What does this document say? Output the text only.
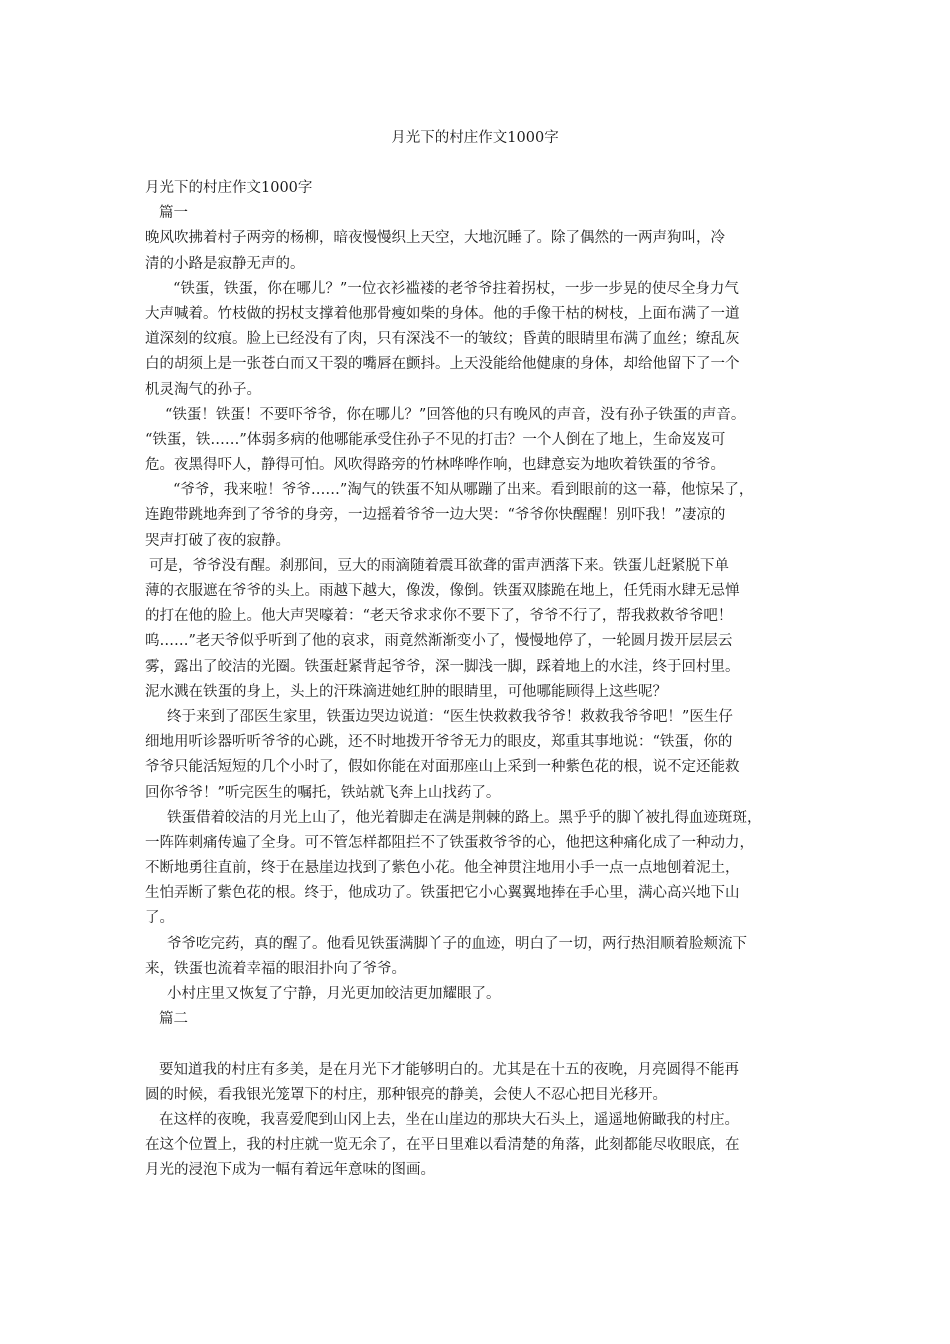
月光下的村庄作文1000字
月光下的村庄作文1000字
篇一
晚风吹拂着村子两旁的杨柳，暗夜慢慢织上天空，大地沉睡了。除了偶然的一两声狗叫，冷
清的小路是寂静无声的。
“铁蛋，铁蛋，你在哪儿？”一位衣衫褴褛的老爷爷拄着拐杖，一步一步晃的使尽全身力气
大声喊着。竹枝做的拐杖支撑着他那骨瘦如柴的身体。他的手像干枯的树枝，上面布满了一道
道深刻的纹痕。脸上已经没有了肉，只有深浅不一的皱纹；昏黄的眼睛里布满了血丝；缭乱灰
白的胡须上是一张苍白而又干裂的嘴唇在颤抖。上天没能给他健康的身体，却给他留下了一个
机灵淘气的孙子。
“铁蛋！铁蛋！不要吓爷爷，你在哪儿？”回答他的只有晚风的声音，没有孙子铁蛋的声音。
“铁蛋，铁……”体弱多病的他哪能承受住孙子不见的打击？一个人倒在了地上，生命岌岌可
危。夜黑得吓人，静得可怕。风吹得路旁的竹林哗哗作响，也肆意妄为地吹着铁蛋的爷爷。
“爷爷，我来啦！爷爷……”淘气的铁蛋不知从哪蹦了出来。看到眼前的这一幕，他惊呆了，
连跑带跳地奔到了爷爷的身旁，一边摇着爷爷一边大哭：“爷爷你快醒醒！别吓我！”凄凉的
哭声打破了夜的寂静。
可是，爷爷没有醒。刹那间，豆大的雨滴随着震耳欲聋的雷声洒落下来。铁蛋儿赶紧脱下单
薄的衣服遮在爷爷的头上。雨越下越大，像泼，像倒。铁蛋双膝跪在地上，任凭雨水肆无忌惮
的打在他的脸上。他大声哭嚎着：“老天爷求求你不要下了，爷爷不行了，帮我救救爷爷吧！
呜……”老天爷似乎听到了他的哀求，雨竟然渐渐变小了，慢慢地停了，一轮圆月拨开层层云
雾，露出了皎洁的光圈。铁蛋赶紧背起爷爷，深一脚浅一脚，踩着地上的水洼，终于回村里。
泥水溅在铁蛋的身上，头上的汗珠滴进她红肿的眼睛里，可他哪能顾得上这些呢？
终于来到了邵医生家里，铁蛋边哭边说道：“医生快救救我爷爷！救救我爷爷吧！”医生仔
细地用听诊器听听爷爷的心跳，还不时地拨开爷爷无力的眼皮，郑重其事地说：“铁蛋，你的
爷爷只能活短短的几个小时了，假如你能在对面那座山上采到一种紫色花的根，说不定还能救
回你爷爷！”听完医生的嘱托，铁站就飞奔上山找药了。
铁蛋借着皎洁的月光上山了，他光着脚走在满是荆棘的路上。黑乎乎的脚丫被扎得血迹斑斑，
一阵阵刺痛传遍了全身。可不管怎样都阻拦不了铁蛋救爷爷的心，他把这种痛化成了一种动力，
不断地勇往直前，终于在悬崖边找到了紫色小花。他全神贯注地用小手一点一点地刨着泥土，
生怕弄断了紫色花的根。终于，他成功了。铁蛋把它小心翼翼地捧在手心里，满心高兴地下山
了。
爷爷吃完药，真的醒了。他看见铁蛋满脚丫子的血迹，明白了一切，两行热泪顺着脸颊流下
来，铁蛋也流着幸福的眼泪扑向了爷爷。
小村庄里又恢复了宁静，月光更加皎洁更加耀眼了。
篇二
要知道我的村庄有多美，是在月光下才能够明白的。尤其是在十五的夜晚，月亮圆得不能再
圆的时候，看我银光笼罩下的村庄，那种银亮的静美，会使人不忍心把目光移开。
在这样的夜晚，我喜爱爬到山冈上去，坐在山崖边的那块大石头上，遥遥地俯瞰我的村庄。
在这个位置上，我的村庄就一览无余了，在平日里难以看清楚的角落，此刻都能尽收眼底，在
月光的浸泡下成为一幅有着远年意味的图画。
